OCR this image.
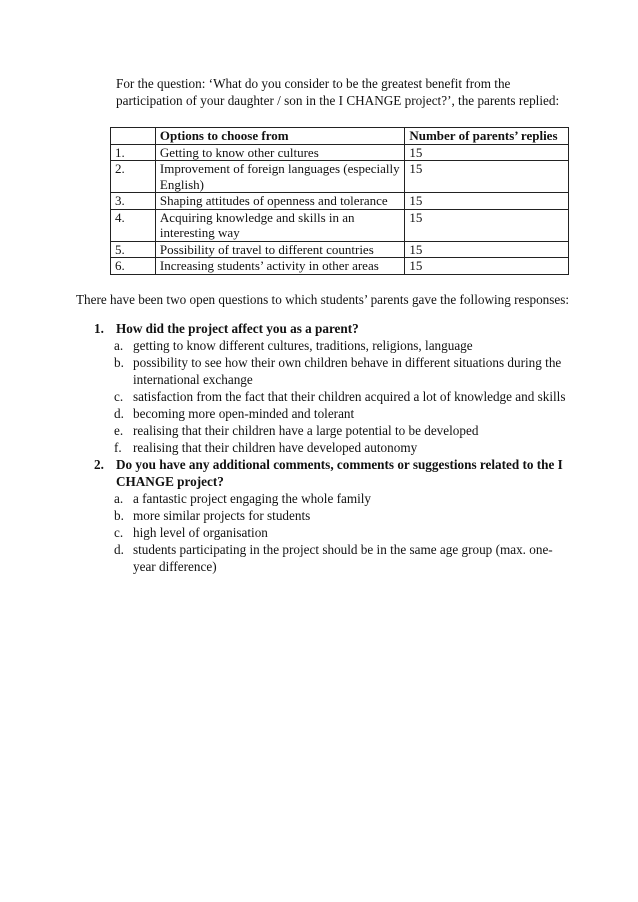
For the question: ‘What do you consider to be the greatest benefit from the

participation of your daughter / son in the I CHANGE project?’, the parents replied:

	Options to choose from	Number of parents’ replies
1.	Getting to know other cultures	15
2.	Improvement of foreign languages (especially English)	15
3.	Shaping attitudes of openness and tolerance	15
4.	Acquiring knowledge and skills in an interesting way	15
5.	Possibility of travel to different countries	15
6.	Increasing students’ activity in other areas	15

There have been two open questions to which students’ parents gave the following responses:

1. How did the project affect you as a parent?
a. getting to know different cultures, traditions, religions, language
b. possibility to see how their own children behave in different situations during the international exchange
c. satisfaction from the fact that their children acquired a lot of knowledge and skills
d. becoming more open-minded and tolerant
e. realising that their children have a large potential to be developed
f. realising that their children have developed autonomy
2. Do you have any additional comments, comments or suggestions related to the I CHANGE project?
a. a fantastic project engaging the whole family
b. more similar projects for students
c. high level of organisation
d. students participating in the project should be in the same age group (max. one-year difference)
